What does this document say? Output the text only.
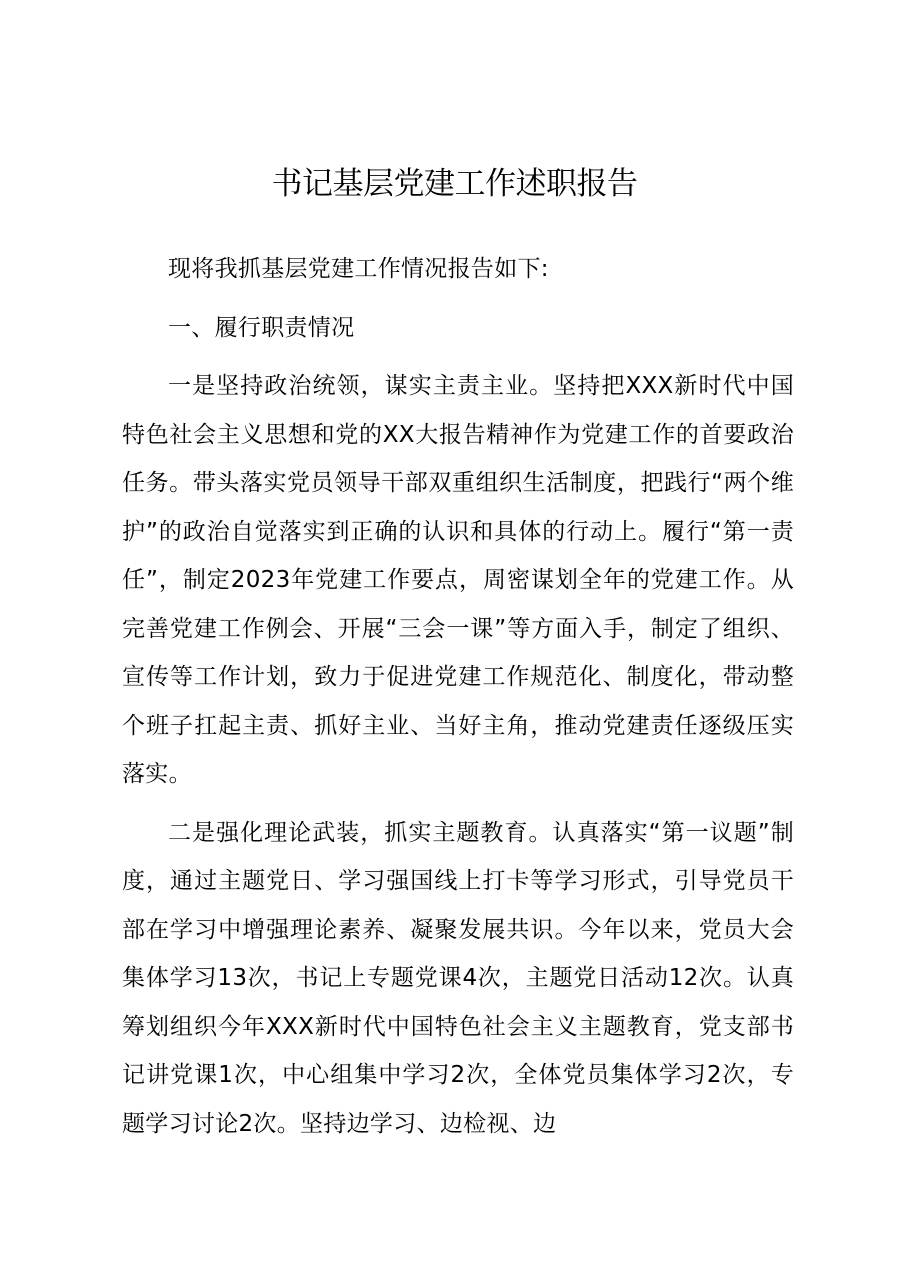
书记基层党建工作述职报告

现将我抓基层党建工作情况报告如下:

一、履行职责情况

一是坚持政治统领，谋实主责主业。坚持把XXX新时代中国特色社会主义思想和党的XX大报告精神作为党建工作的首要政治任务。带头落实党员领导干部双重组织生活制度，把践行“两个维护”的政治自觉落实到正确的认识和具体的行动上。履行“第一责任”，制定2023年党建工作要点，周密谋划全年的党建工作。从完善党建工作例会、开展“三会一课”等方面入手，制定了组织、宣传等工作计划，致力于促进党建工作规范化、制度化，带动整个班子扛起主责、抓好主业、当好主角，推动党建责任逐级压实落实。

二是强化理论武装，抓实主题教育。认真落实“第一议题”制度，通过主题党日、学习强国线上打卡等学习形式，引导党员干部在学习中增强理论素养、凝聚发展共识。今年以来，党员大会集体学习13次，书记上专题党课4次，主题党日活动12次。认真筹划组织今年XXX新时代中国特色社会主义主题教育，党支部书记讲党课1次，中心组集中学习2次，全体党员集体学习2次，专题学习讨论2次。坚持边学习、边检视、边
